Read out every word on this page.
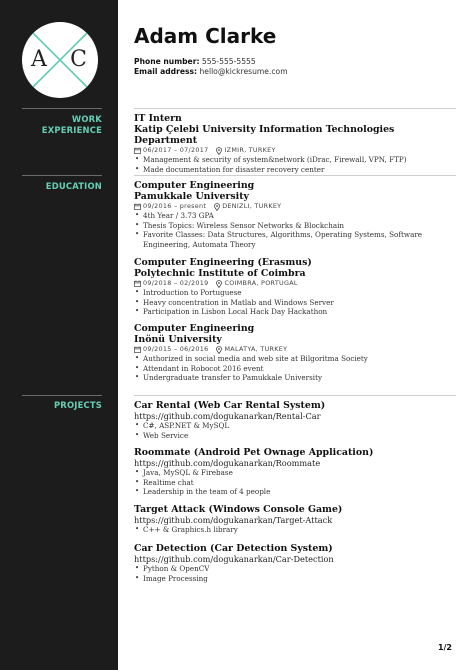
A C
WORK
EXPERIENCE
EDUCATION
PROJECTS
Adam Clarke
Phone number: 555-555-5555
Email address: hello@kickresume.com

IT Intern

Katip Çelebi University Information Technologies Department

06/2017 – 07/2017	IZMIR, TURKEY

• Management & security of system&network (iDrac, Firewall, VPN, FTP)
• Made documentation for disaster recovery center

Computer Engineering

Pamukkale University

09/2016 – present	DENIZLI, TURKEY

• 4th Year / 3.73 GPA
• Thesis Topics: Wireless Sensor Networks & Blockchain
• Favorite Classes: Data Structures, Algorithms, Operating Systems, Software Engineering, Automata Theory

Computer Engineering (Erasmus)

Polytechnic Institute of Coimbra

09/2018 – 02/2019	COIMBRA, PORTUGAL

• Introduction to Portuguese
• Heavy concentration in Matlab and Windows Server
• Participation in Lisbon Local Hack Day Hackathon

Computer Engineering

Inönü University

09/2015 – 06/2016	MALATYA, TURKEY

• Authorized in social media and web site at Bilgoritma Society
• Attendant in Robocot 2016 event
• Undergraduate transfer to Pamukkale University

Car Rental (Web Car Rental System)

https://github.com/dogukanarkan/Rental-Car

• C#, ASP.NET & MySQL
• Web Service

Roommate (Android Pet Ownage Application)

https://github.com/dogukanarkan/Roommate

• Java, MySQL & Firebase
• Realtime chat
• Leadership in the team of 4 people

Target Attack (Windows Console Game)

https://github.com/dogukanarkan/Target-Attack

• C++ & Graphics.h library

Car Detection (Car Detection System)

https://github.com/dogukanarkan/Car-Detection

• Python & OpenCV
• Image Processing
1/2
